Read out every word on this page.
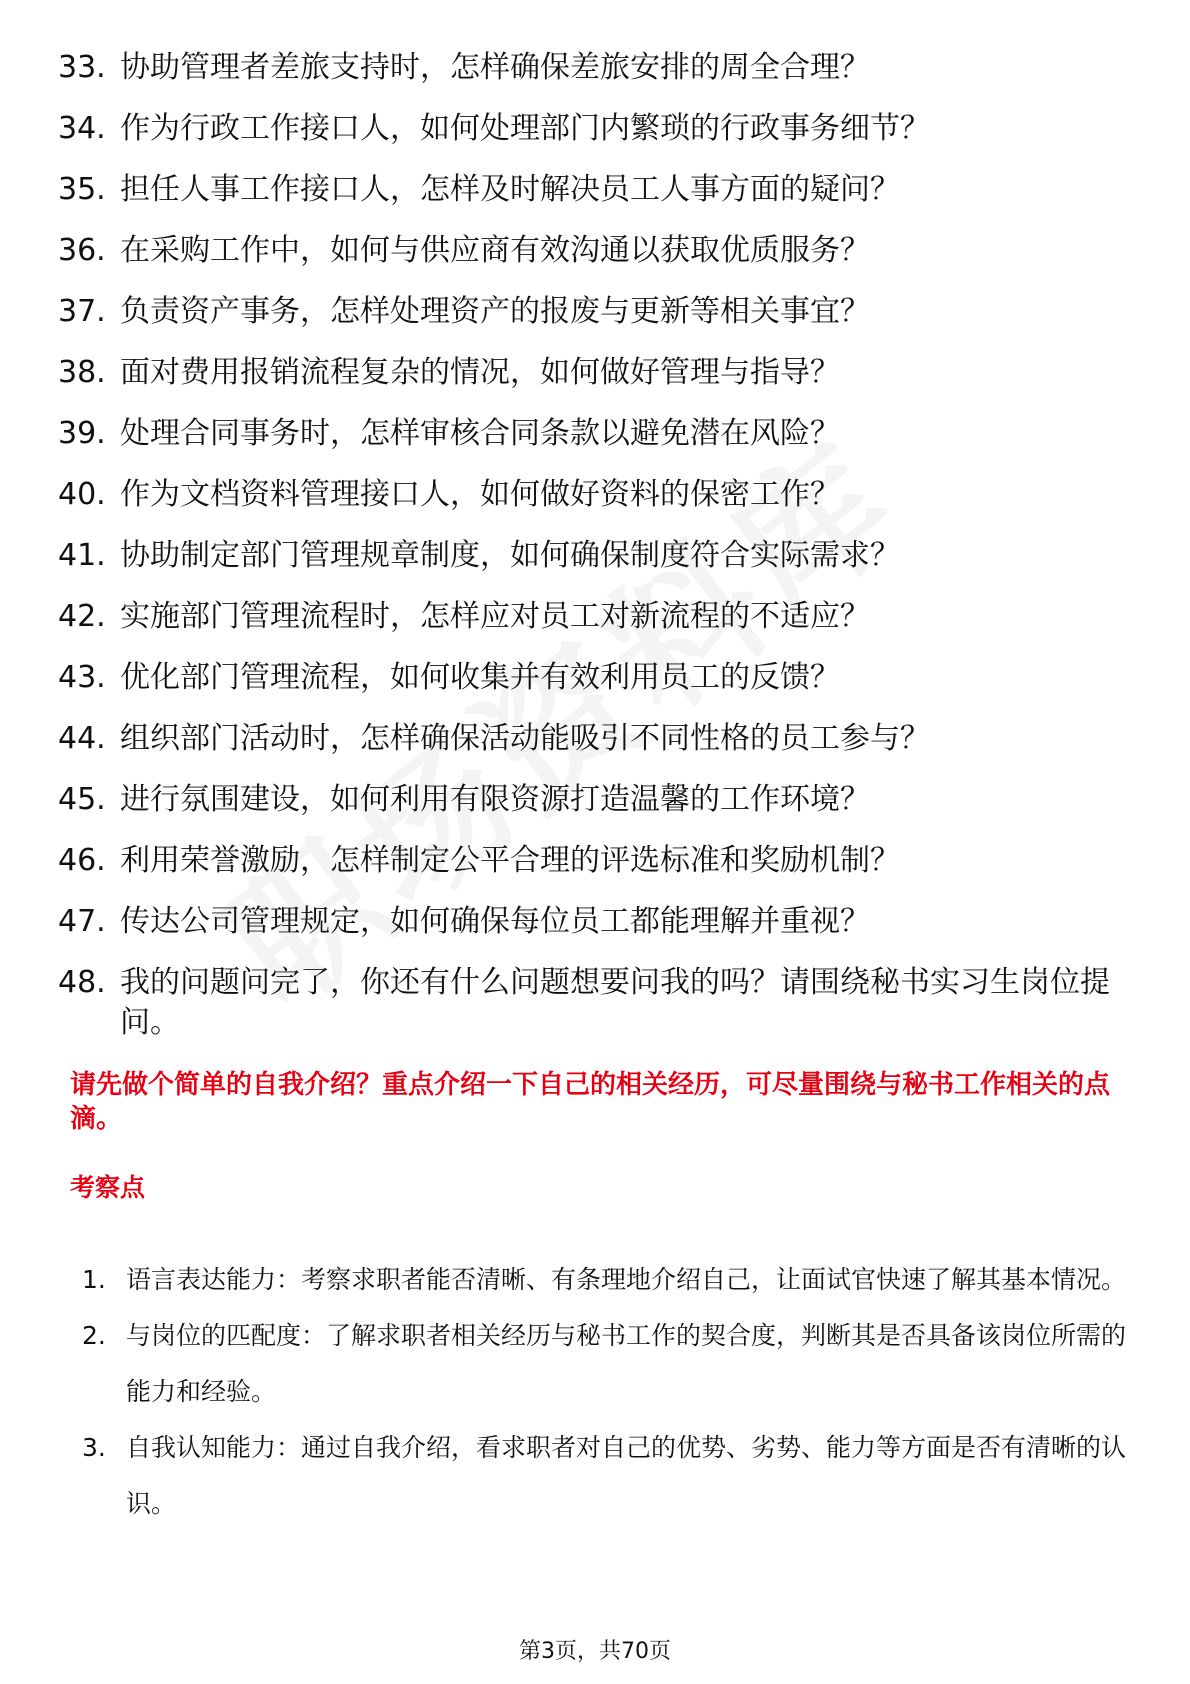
33. 协助管理者差旅支持时，怎样确保差旅安排的周全合理？
34. 作为行政工作接口人，如何处理部门内繁琐的行政事务细节？
35. 担任人事工作接口人，怎样及时解决员工人事方面的疑问？
36. 在采购工作中，如何与供应商有效沟通以获取优质服务？
37. 负责资产事务，怎样处理资产的报废与更新等相关事宜？
38. 面对费用报销流程复杂的情况，如何做好管理与指导？
39. 处理合同事务时，怎样审核合同条款以避免潜在风险？
40. 作为文档资料管理接口人，如何做好资料的保密工作？
41. 协助制定部门管理规章制度，如何确保制度符合实际需求？
42. 实施部门管理流程时，怎样应对员工对新流程的不适应？
43. 优化部门管理流程，如何收集并有效利用员工的反馈？
44. 组织部门活动时，怎样确保活动能吸引不同性格的员工参与？
45. 进行氛围建设，如何利用有限资源打造温馨的工作环境？
46. 利用荣誉激励，怎样制定公平合理的评选标准和奖励机制？
47. 传达公司管理规定，如何确保每位员工都能理解并重视？
48. 我的问题问完了，你还有什么问题想要问我的吗？请围绕秘书实习生岗位提问。
请先做个简单的自我介绍？重点介绍一下自己的相关经历，可尽量围绕与秘书工作相关的点滴。
考察点
1. 语言表达能力：考察求职者能否清晰、有条理地介绍自己，让面试官快速了解其基本情况。
2. 与岗位的匹配度：了解求职者相关经历与秘书工作的契合度，判断其是否具备该岗位所需的能力和经验。
3. 自我认知能力：通过自我介绍，看求职者对自己的优势、劣势、能力等方面是否有清晰的认识。
第3页，共70页
